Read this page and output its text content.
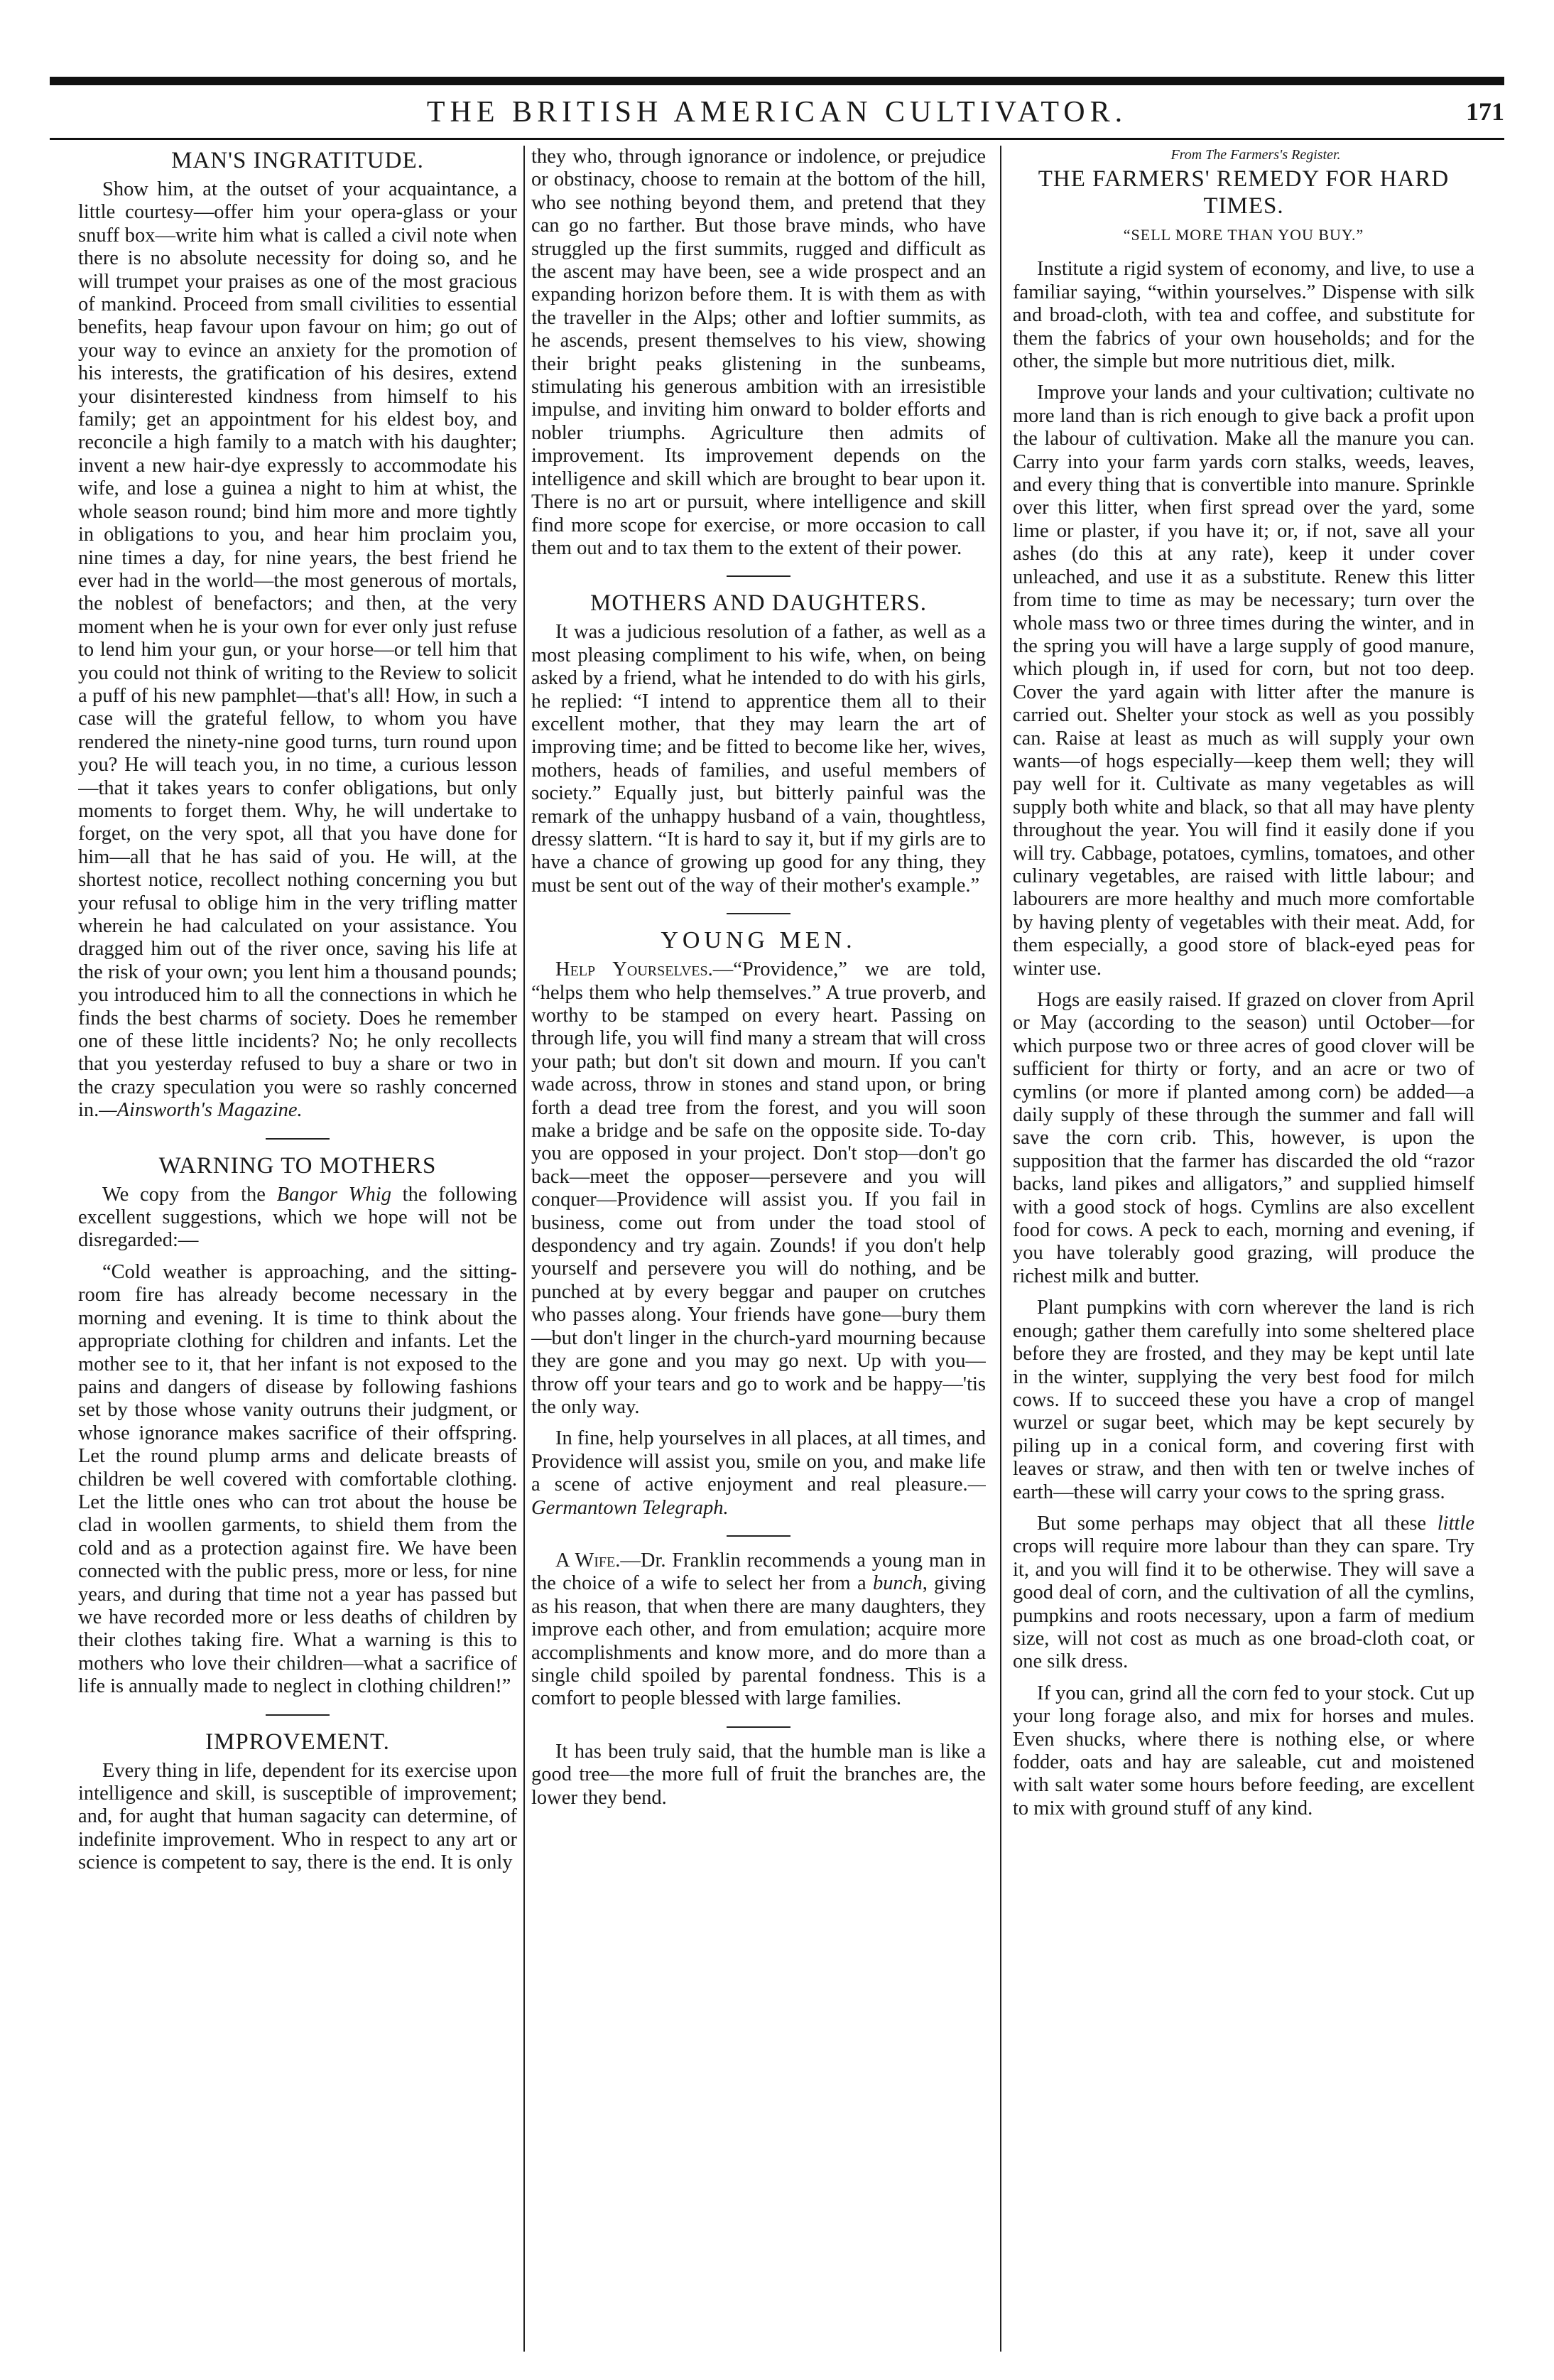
THE BRITISH AMERICAN CULTIVATOR.	171
MAN'S INGRATITUDE.

Show him, at the outset of your acquaintance, a little courtesy—offer him your opera-glass or your snuff box—write him what is called a civil note when there is no absolute necessity for doing so, and he will trumpet your praises as one of the most gracious of mankind. Proceed from small civilities to essential benefits, heap favour upon favour on him; go out of your way to evince an anxiety for the promotion of his interests, the gratification of his desires, extend your disinterested kindness from himself to his family; get an appointment for his eldest boy, and reconcile a high family to a match with his daughter; invent a new hair-dye expressly to accommodate his wife, and lose a guinea a night to him at whist, the whole season round; bind him more and more tightly in obligations to you, and hear him proclaim you, nine times a day, for nine years, the best friend he ever had in the world—the most generous of mortals, the noblest of benefactors; and then, at the very moment when he is your own for ever only just refuse to lend him your gun, or your horse—or tell him that you could not think of writing to the Review to solicit a puff of his new pamphlet—that's all! How, in such a case will the grateful fellow, to whom you have rendered the ninety-nine good turns, turn round upon you? He will teach you, in no time, a curious lesson—that it takes years to confer obligations, but only moments to forget them. Why, he will undertake to forget, on the very spot, all that you have done for him—all that he has said of you. He will, at the shortest notice, recollect nothing concerning you but your refusal to oblige him in the very trifling matter wherein he had calculated on your assistance. You dragged him out of the river once, saving his life at the risk of your own; you lent him a thousand pounds; you introduced him to all the connections in which he finds the best charms of society. Does he remember one of these little incidents? No; he only recollects that you yesterday refused to buy a share or two in the crazy speculation you were so rashly concerned in.—Ainsworth's Magazine.

WARNING TO MOTHERS

We copy from the Bangor Whig the following excellent suggestions, which we hope will not be disregarded:—

“Cold weather is approaching, and the sitting-room fire has already become necessary in the morning and evening. It is time to think about the appropriate clothing for children and infants. Let the mother see to it, that her infant is not exposed to the pains and dangers of disease by following fashions set by those whose vanity outruns their judgment, or whose ignorance makes sacrifice of their offspring. Let the round plump arms and delicate breasts of children be well covered with comfortable clothing. Let the little ones who can trot about the house be clad in woollen garments, to shield them from the cold and as a protection against fire. We have been connected with the public press, more or less, for nine years, and during that time not a year has passed but we have recorded more or less deaths of children by their clothes taking fire. What a warning is this to mothers who love their children—what a sacrifice of life is annually made to neglect in clothing children!”

IMPROVEMENT.

Every thing in life, dependent for its exercise upon intelligence and skill, is susceptible of improvement; and, for aught that human sagacity can determine, of indefinite improvement. Who in respect to any art or science is competent to say, there is the end. It is only

they who, through ignorance or indolence, or prejudice or obstinacy, choose to remain at the bottom of the hill, who see nothing beyond them, and pretend that they can go no farther. But those brave minds, who have struggled up the first summits, rugged and difficult as the ascent may have been, see a wide prospect and an expanding horizon before them. It is with them as with the traveller in the Alps; other and loftier summits, as he ascends, present themselves to his view, showing their bright peaks glistening in the sunbeams, stimulating his generous ambition with an irresistible impulse, and inviting him onward to bolder efforts and nobler triumphs. Agriculture then admits of improvement. Its improvement depends on the intelligence and skill which are brought to bear upon it. There is no art or pursuit, where intelligence and skill find more scope for exercise, or more occasion to call them out and to tax them to the extent of their power.

MOTHERS AND DAUGHTERS.

It was a judicious resolution of a father, as well as a most pleasing compliment to his wife, when, on being asked by a friend, what he intended to do with his girls, he replied: “I intend to apprentice them all to their excellent mother, that they may learn the art of improving time; and be fitted to become like her, wives, mothers, heads of families, and useful members of society.” Equally just, but bitterly painful was the remark of the unhappy husband of a vain, thoughtless, dressy slattern. “It is hard to say it, but if my girls are to have a chance of growing up good for any thing, they must be sent out of the way of their mother's example.”

YOUNG MEN.

Help Yourselves.—“Providence,” we are told, “helps them who help themselves.” A true proverb, and worthy to be stamped on every heart. Passing on through life, you will find many a stream that will cross your path; but don't sit down and mourn. If you can't wade across, throw in stones and stand upon, or bring forth a dead tree from the forest, and you will soon make a bridge and be safe on the opposite side. To-day you are opposed in your project. Don't stop—don't go back—meet the opposer—persevere and you will conquer—Providence will assist you. If you fail in business, come out from under the toad stool of despondency and try again. Zounds! if you don't help yourself and persevere you will do nothing, and be punched at by every beggar and pauper on crutches who passes along. Your friends have gone—bury them—but don't linger in the church-yard mourning because they are gone and you may go next. Up with you—throw off your tears and go to work and be happy—'tis the only way.

In fine, help yourselves in all places, at all times, and Providence will assist you, smile on you, and make life a scene of active enjoyment and real pleasure.—Germantown Telegraph.

A Wife.—Dr. Franklin recommends a young man in the choice of a wife to select her from a bunch, giving as his reason, that when there are many daughters, they improve each other, and from emulation; acquire more accomplishments and know more, and do more than a single child spoiled by parental fondness. This is a comfort to people blessed with large families.

It has been truly said, that the humble man is like a good tree—the more full of fruit the branches are, the lower they bend.

From The Farmers's Register.

THE FARMERS' REMEDY FOR HARD TIMES.
“SELL MORE THAN YOU BUY.”

Institute a rigid system of economy, and live, to use a familiar saying, “within yourselves.” Dispense with silk and broad-cloth, with tea and coffee, and substitute for them the fabrics of your own households; and for the other, the simple but more nutritious diet, milk.

Improve your lands and your cultivation; cultivate no more land than is rich enough to give back a profit upon the labour of cultivation. Make all the manure you can. Carry into your farm yards corn stalks, weeds, leaves, and every thing that is convertible into manure. Sprinkle over this litter, when first spread over the yard, some lime or plaster, if you have it; or, if not, save all your ashes (do this at any rate), keep it under cover unleached, and use it as a substitute. Renew this litter from time to time as may be necessary; turn over the whole mass two or three times during the winter, and in the spring you will have a large supply of good manure, which plough in, if used for corn, but not too deep. Cover the yard again with litter after the manure is carried out. Shelter your stock as well as you possibly can. Raise at least as much as will supply your own wants—of hogs especially—keep them well; they will pay well for it. Cultivate as many vegetables as will supply both white and black, so that all may have plenty throughout the year. You will find it easily done if you will try. Cabbage, potatoes, cymlins, tomatoes, and other culinary vegetables, are raised with little labour; and labourers are more healthy and much more comfortable by having plenty of vegetables with their meat. Add, for them especially, a good store of black-eyed peas for winter use.

Hogs are easily raised. If grazed on clover from April or May (according to the season) until October—for which purpose two or three acres of good clover will be sufficient for thirty or forty, and an acre or two of cymlins (or more if planted among corn) be added—a daily supply of these through the summer and fall will save the corn crib. This, however, is upon the supposition that the farmer has discarded the old “razor backs, land pikes and alligators,” and supplied himself with a good stock of hogs. Cymlins are also excellent food for cows. A peck to each, morning and evening, if you have tolerably good grazing, will produce the richest milk and butter.

Plant pumpkins with corn wherever the land is rich enough; gather them carefully into some sheltered place before they are frosted, and they may be kept until late in the winter, supplying the very best food for milch cows. If to succeed these you have a crop of mangel wurzel or sugar beet, which may be kept securely by piling up in a conical form, and covering first with leaves or straw, and then with ten or twelve inches of earth—these will carry your cows to the spring grass.

But some perhaps may object that all these little crops will require more labour than they can spare. Try it, and you will find it to be otherwise. They will save a good deal of corn, and the cultivation of all the cymlins, pumpkins and roots necessary, upon a farm of medium size, will not cost as much as one broad-cloth coat, or one silk dress.

If you can, grind all the corn fed to your stock. Cut up your long forage also, and mix for horses and mules. Even shucks, where there is nothing else, or where fodder, oats and hay are saleable, cut and moistened with salt water some hours before feeding, are excellent to mix with ground stuff of any kind.
